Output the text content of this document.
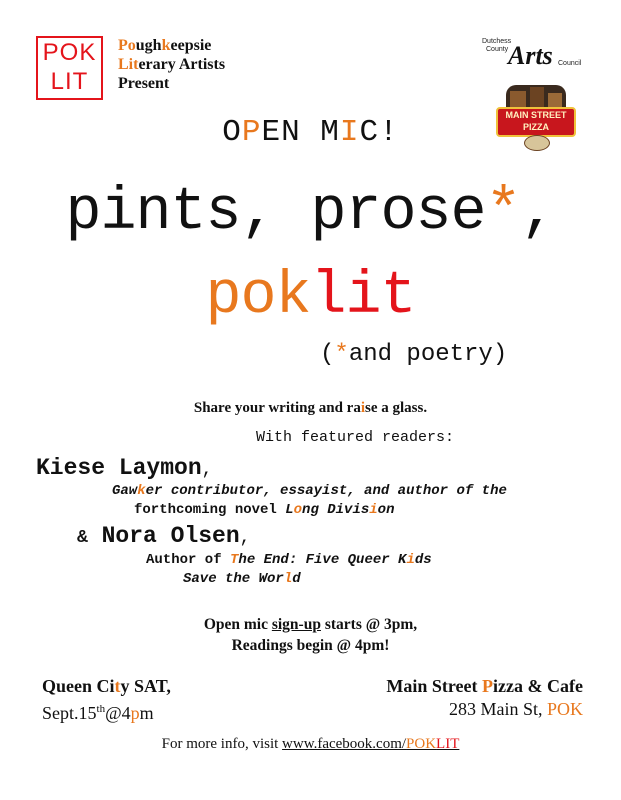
POK
LIT
Poughkeepsie
Literary Artists
Present
Dutchess
County Arts Council
MAIN STREET
PIZZA
OPEN MIC!
pints, prose*,
poklit
(*and poetry)
Share your writing and raise a glass.
With featured readers:
Kiese Laymon,
Gawker contributor, essayist, and author of the
forthcoming novel Long Division
& Nora Olsen,
Author of The End: Five Queer Kids
Save the World
Open mic sign-up starts @ 3pm,
Readings begin @ 4pm!
Queen City SAT,
Sept.15th@4pm
Main Street Pizza & Cafe
283 Main St, POK
For more info, visit www.facebook.com/POKLIT
